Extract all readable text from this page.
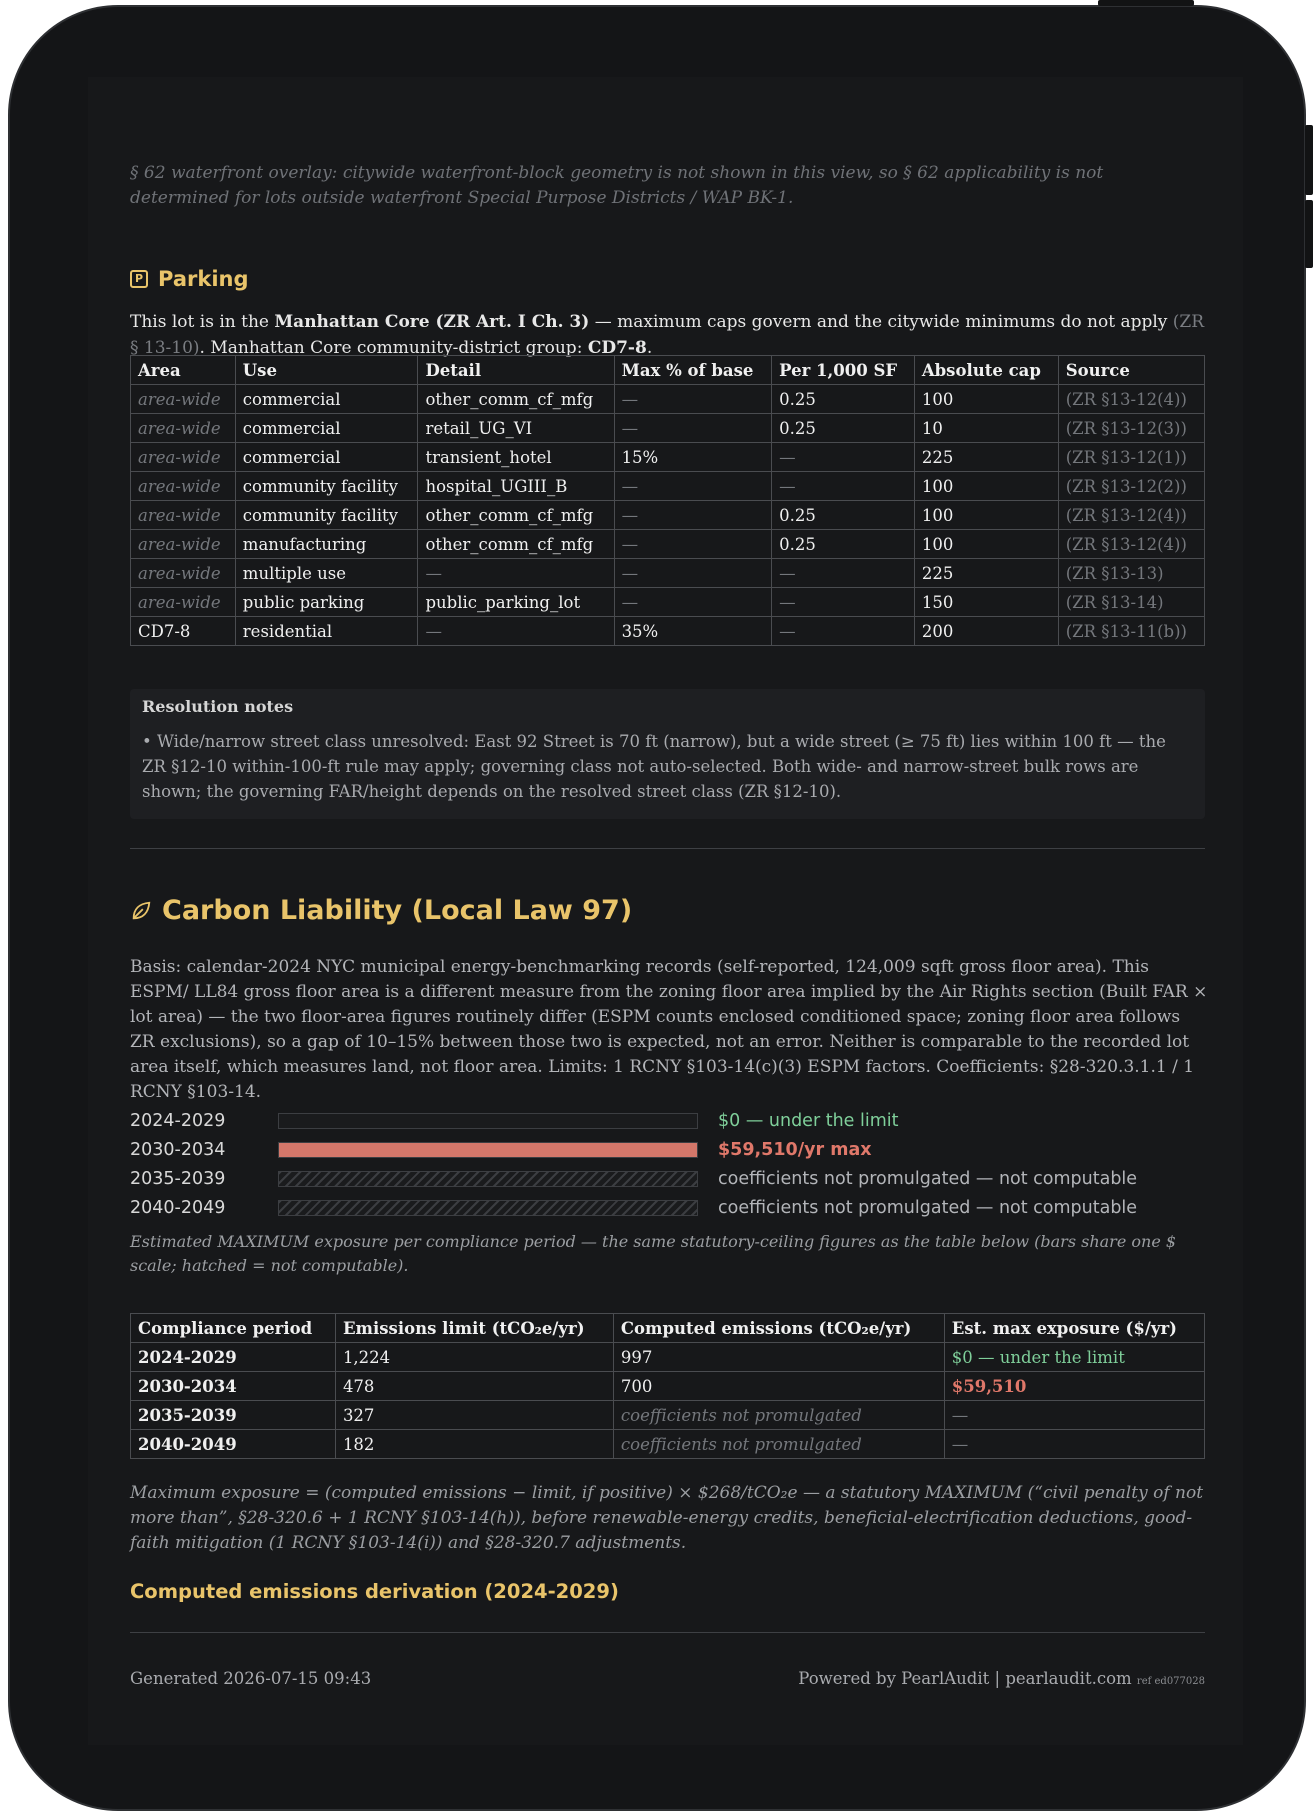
§ 62 waterfront overlay: citywide waterfront-block geometry is not shown in this view, so § 62 applicability is not determined for lots outside waterfront Special Purpose Districts / WAP BK-1.
P Parking
This lot is in the Manhattan Core (ZR Art. I Ch. 3) — maximum caps govern and the citywide minimums do not apply (ZR § 13-10). Manhattan Core community-district group: CD7-8.
Area	Use	Detail	Max % of base	Per 1,000 SF	Absolute cap	Source
area-wide	commercial	other_comm_cf_mfg	—	0.25	100	(ZR §13-12(4))
area-wide	commercial	retail_UG_VI	—	0.25	10	(ZR §13-12(3))
area-wide	commercial	transient_hotel	15%	—	225	(ZR §13-12(1))
area-wide	community facility	hospital_UGIII_B	—	—	100	(ZR §13-12(2))
area-wide	community facility	other_comm_cf_mfg	—	0.25	100	(ZR §13-12(4))
area-wide	manufacturing	other_comm_cf_mfg	—	0.25	100	(ZR §13-12(4))
area-wide	multiple use	—	—	—	225	(ZR §13-13)
area-wide	public parking	public_parking_lot	—	—	150	(ZR §13-14)
CD7-8	residential	—	35%	—	200	(ZR §13-11(b))
Resolution notes
• Wide/narrow street class unresolved: East 92 Street is 70 ft (narrow), but a wide street (≥ 75 ft) lies within 100 ft — the ZR §12-10 within-100-ft rule may apply; governing class not auto-selected. Both wide- and narrow-street bulk rows are shown; the governing FAR/height depends on the resolved street class (ZR §12-10).
Carbon Liability (Local Law 97)
Basis: calendar-2024 NYC municipal energy-benchmarking records (self-reported, 124,009 sqft gross floor area). This ESPM/ LL84 gross floor area is a different measure from the zoning floor area implied by the Air Rights section (Built FAR × lot area) — the two floor-area figures routinely differ (ESPM counts enclosed conditioned space; zoning floor area follows ZR exclusions), so a gap of 10–15% between those two is expected, not an error. Neither is comparable to the recorded lot area itself, which measures land, not floor area. Limits: 1 RCNY §103-14(c)(3) ESPM factors. Coefficients: §28-320.3.1.1 / 1 RCNY §103-14.
2024-2029	$0 — under the limit
2030-2034	$59,510/yr max
2035-2039	coefficients not promulgated — not computable
2040-2049	coefficients not promulgated — not computable
Estimated MAXIMUM exposure per compliance period — the same statutory-ceiling figures as the table below (bars share one $ scale; hatched = not computable).
Compliance period	Emissions limit (tCO₂e/yr)	Computed emissions (tCO₂e/yr)	Est. max exposure ($/yr)
2024-2029	1,224	997	$0 — under the limit
2030-2034	478	700	$59,510
2035-2039	327	coefficients not promulgated	—
2040-2049	182	coefficients not promulgated	—
Maximum exposure = (computed emissions − limit, if positive) × $268/tCO₂e — a statutory MAXIMUM (“civil penalty of not more than”, §28-320.6 + 1 RCNY §103-14(h)), before renewable-energy credits, beneficial-electrification deductions, good-faith mitigation (1 RCNY §103-14(i)) and §28-320.7 adjustments.
Computed emissions derivation (2024-2029)
Generated 2026-07-15 09:43	Powered by PearlAudit | pearlaudit.com ref ed077028
